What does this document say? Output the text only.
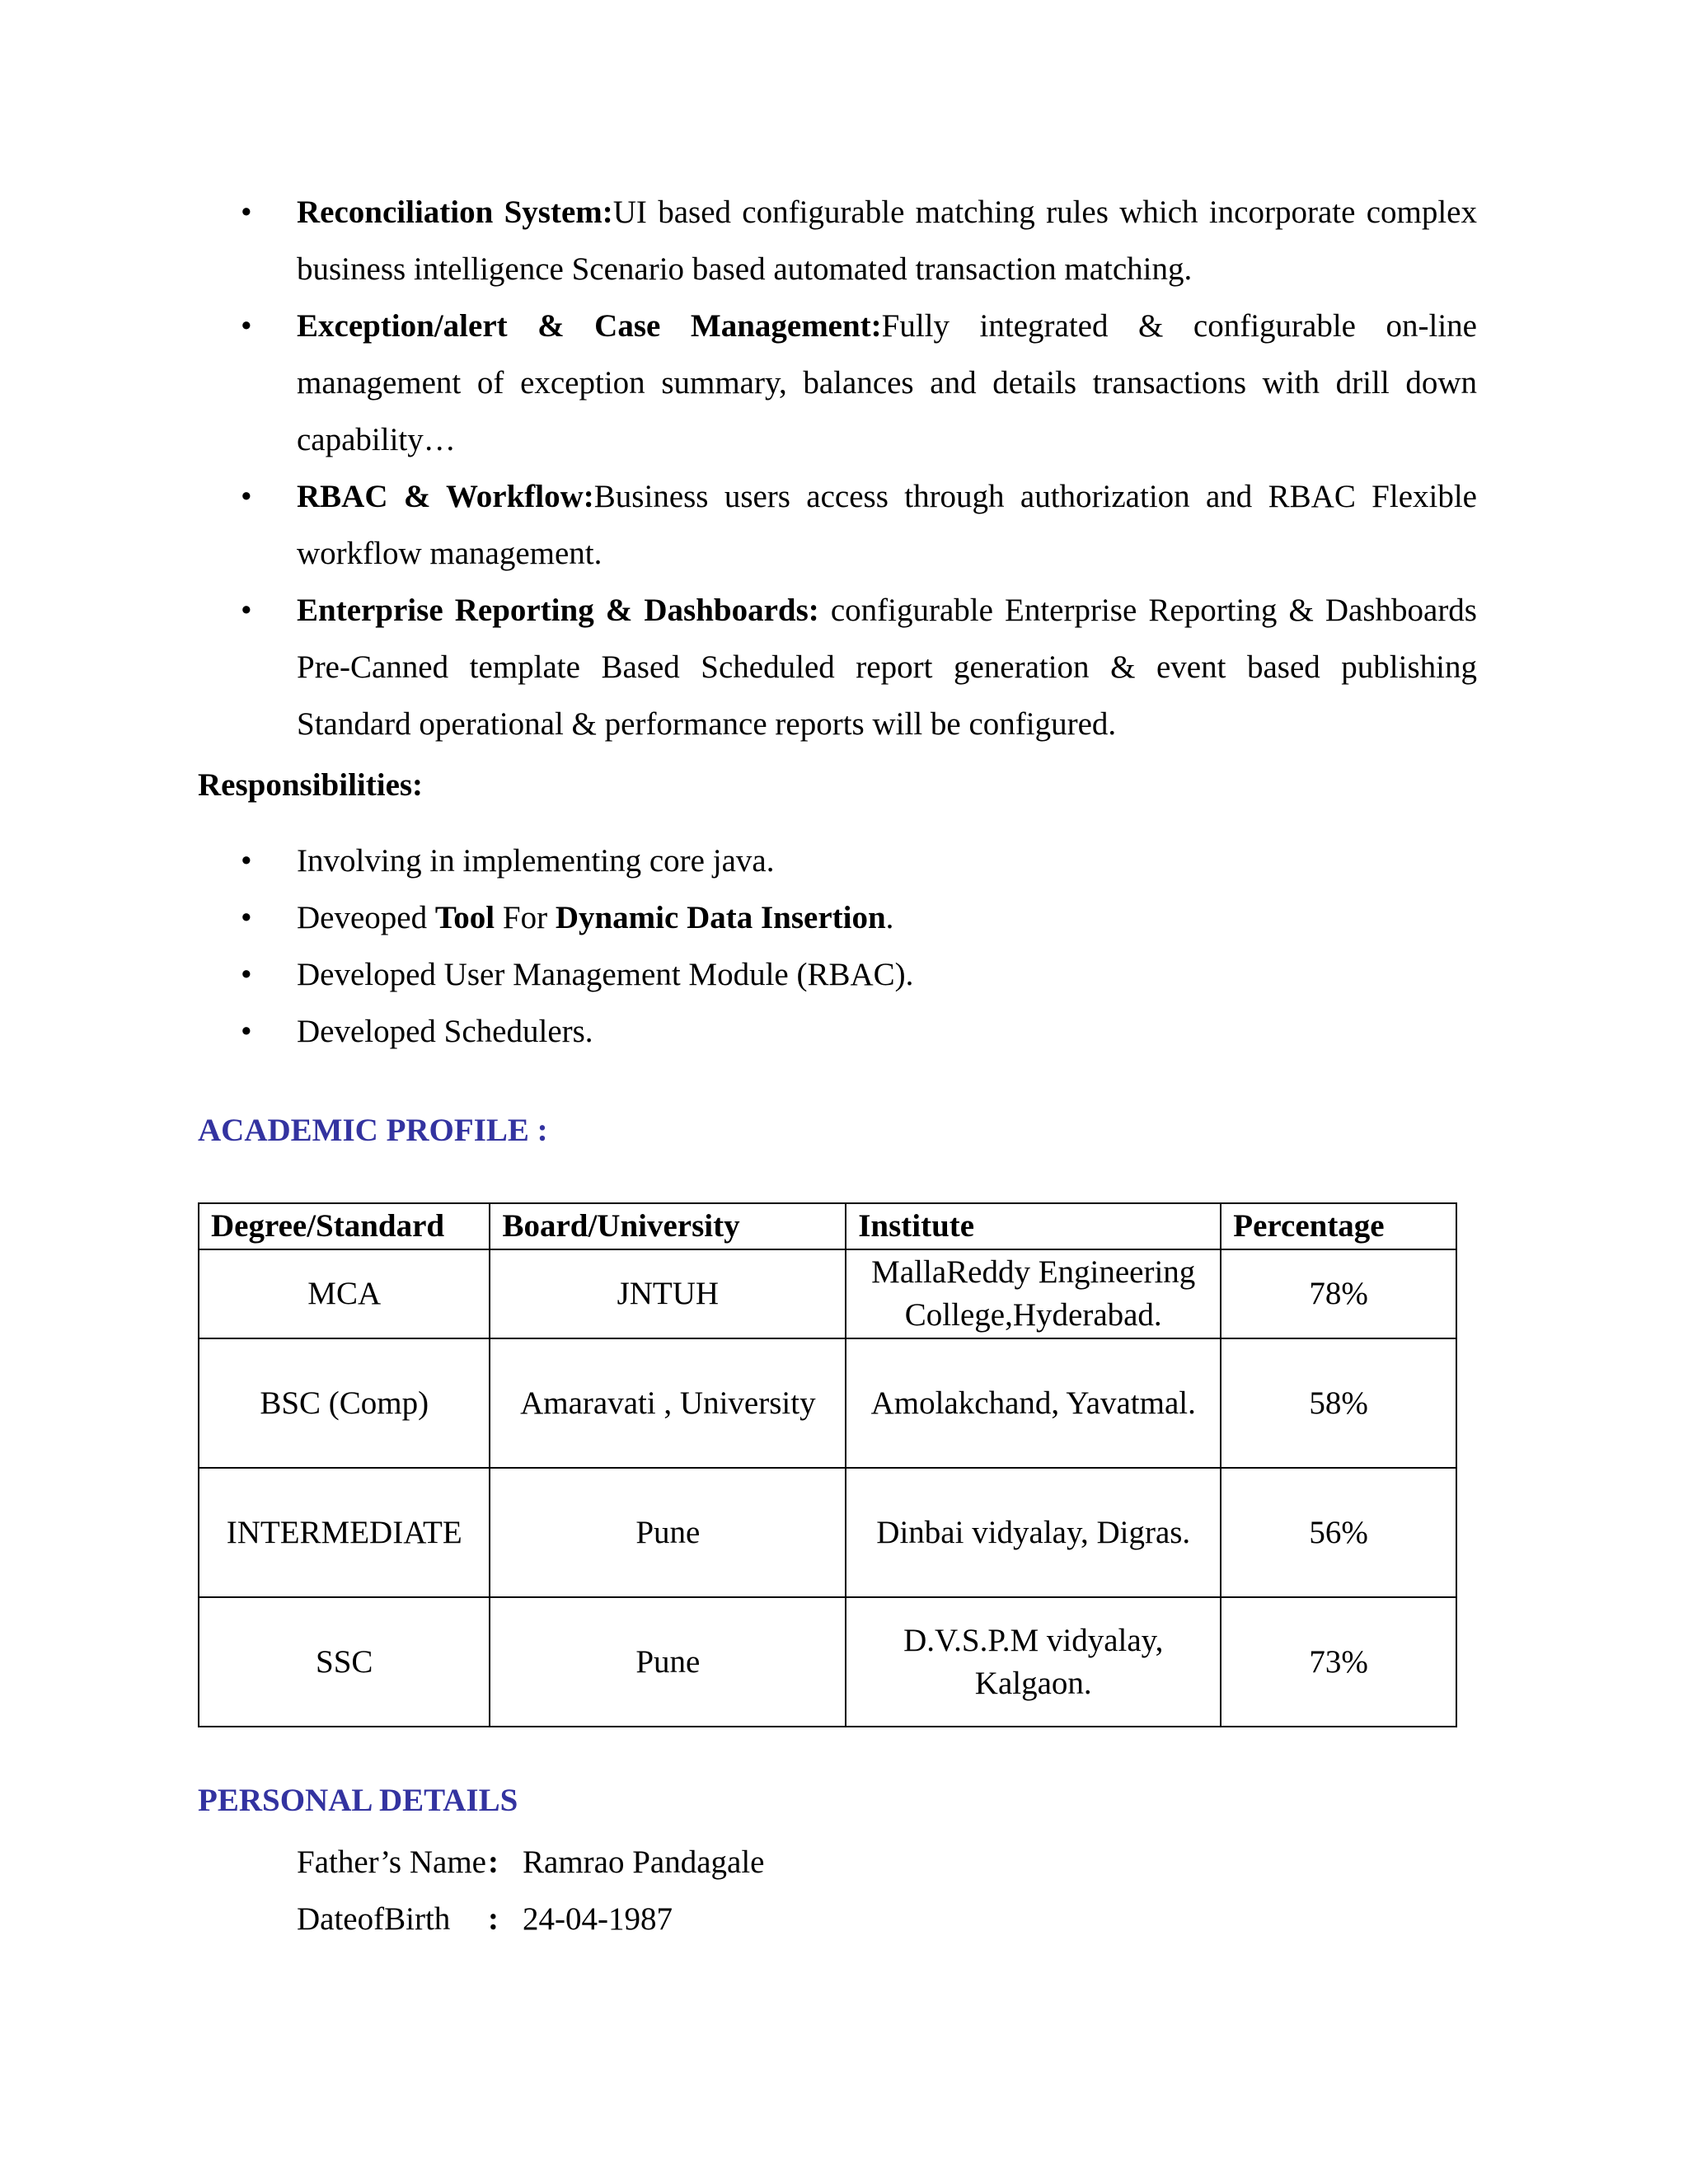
•	Reconciliation System:UI based configurable matching rules which incorporate complex business intelligence Scenario based automated transaction matching.
•	Exception/alert & Case Management:Fully integrated & configurable on-line management of exception summary, balances and details transactions with drill down capability…
•	RBAC & Workflow:Business users access through authorization and RBAC Flexible workflow management.
•	Enterprise Reporting & Dashboards: configurable Enterprise Reporting & Dashboards Pre-Canned template Based Scheduled report generation & event based publishing Standard operational & performance reports will be configured.
Responsibilities:
•	Involving in implementing core java.
•	Deveoped Tool For Dynamic Data Insertion.
•	Developed User Management Module (RBAC).
•	Developed Schedulers.
ACADEMIC PROFILE :
Degree/Standard	Board/University	Institute	Percentage
MCA	JNTUH	MallaReddy Engineering College,Hyderabad.	78%
BSC (Comp)	Amaravati , University	Amolakchand, Yavatmal.	58%
INTERMEDIATE	Pune	Dinbai vidyalay, Digras.	56%
SSC	Pune	D.V.S.P.M vidyalay, Kalgaon.	73%
PERSONAL DETAILS
Father’s Name : Ramrao Pandagale
DateofBirth	: 24-04-1987
